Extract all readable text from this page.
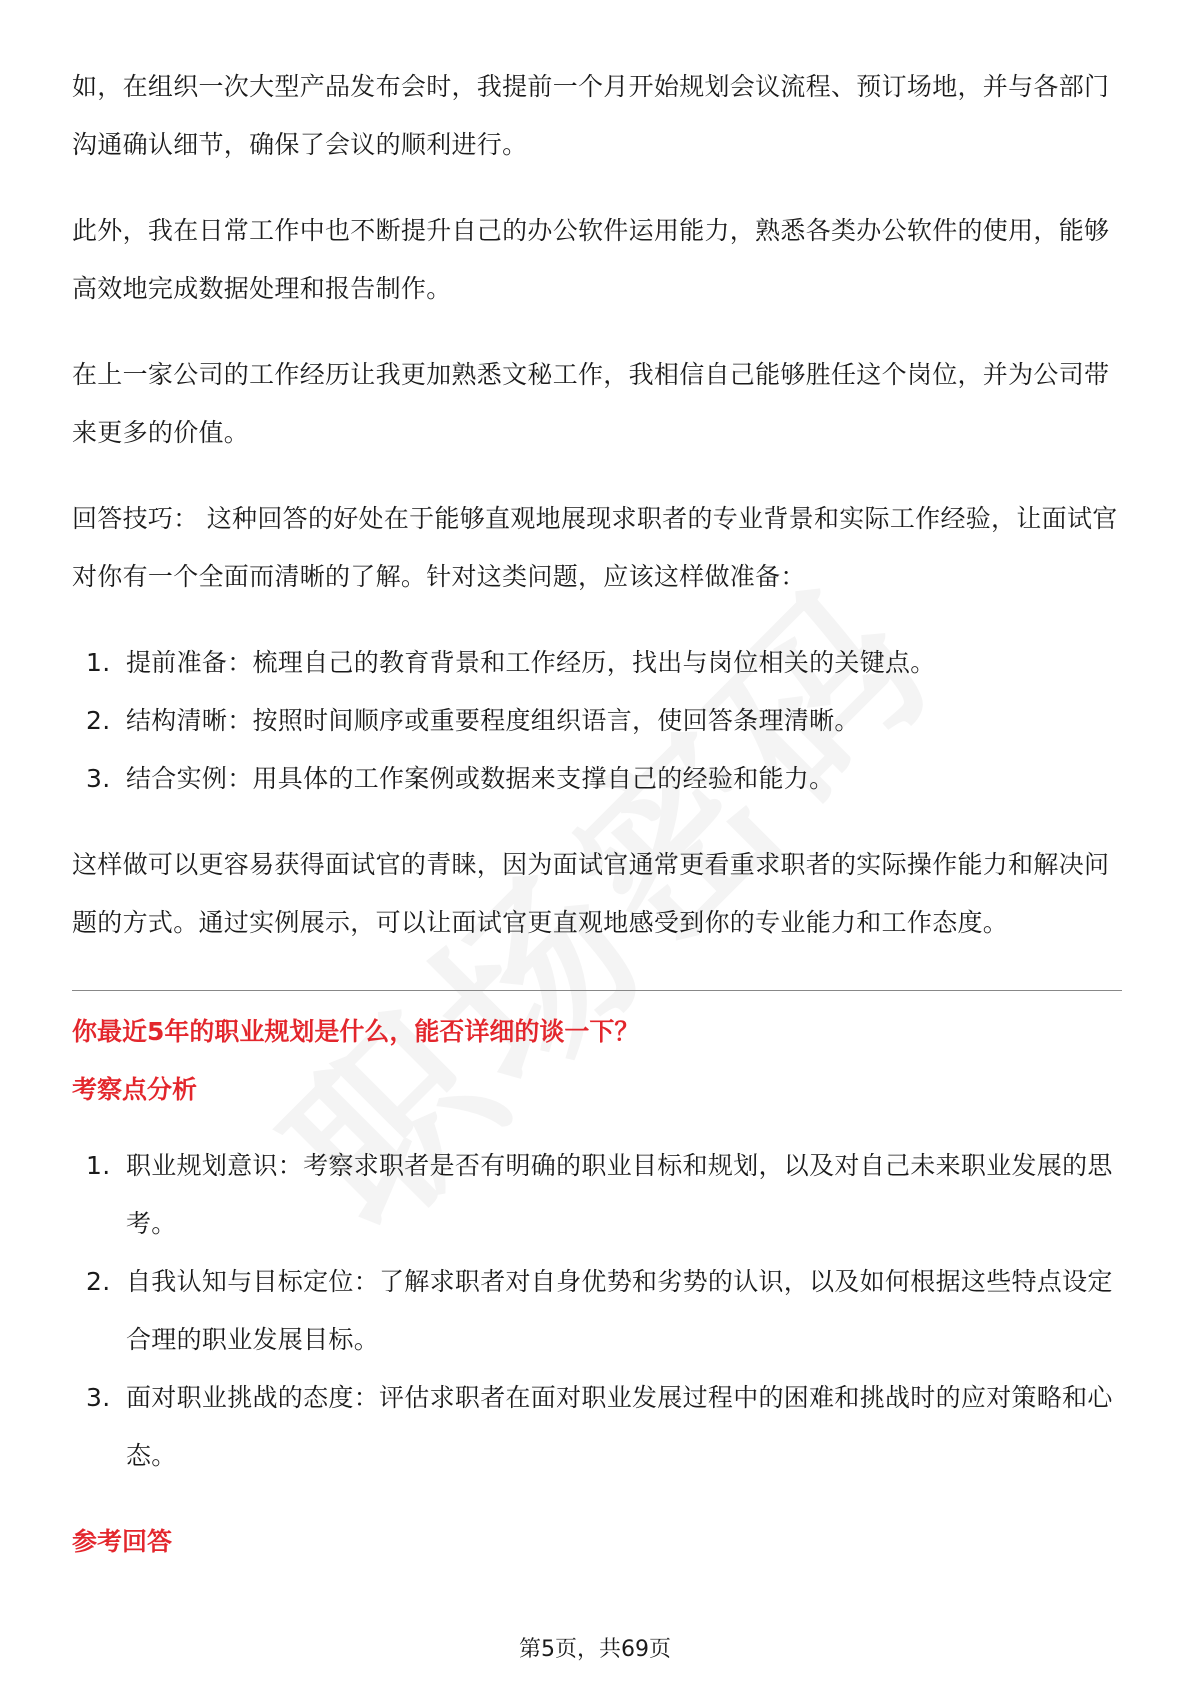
如，在组织一次大型产品发布会时，我提前一个月开始规划会议流程、预订场地，并与各部门沟通确认细节，确保了会议的顺利进行。

此外，我在日常工作中也不断提升自己的办公软件运用能力，熟悉各类办公软件的使用，能够高效地完成数据处理和报告制作。

在上一家公司的工作经历让我更加熟悉文秘工作，我相信自己能够胜任这个岗位，并为公司带来更多的价值。

回答技巧： 这种回答的好处在于能够直观地展现求职者的专业背景和实际工作经验，让面试官对你有一个全面而清晰的了解。针对这类问题，应该这样做准备：

1. 提前准备：梳理自己的教育背景和工作经历，找出与岗位相关的关键点。
2. 结构清晰：按照时间顺序或重要程度组织语言，使回答条理清晰。
3. 结合实例：用具体的工作案例或数据来支撑自己的经验和能力。

这样做可以更容易获得面试官的青睐，因为面试官通常更看重求职者的实际操作能力和解决问题的方式。通过实例展示，可以让面试官更直观地感受到你的专业能力和工作态度。

你最近5年的职业规划是什么，能否详细的谈一下？

考察点分析

1. 职业规划意识：考察求职者是否有明确的职业目标和规划，以及对自己未来职业发展的思考。
2. 自我认知与目标定位：了解求职者对自身优势和劣势的认识，以及如何根据这些特点设定合理的职业发展目标。
3. 面对职业挑战的态度：评估求职者在面对职业发展过程中的困难和挑战时的应对策略和心态。

参考回答

第5页，共69页
